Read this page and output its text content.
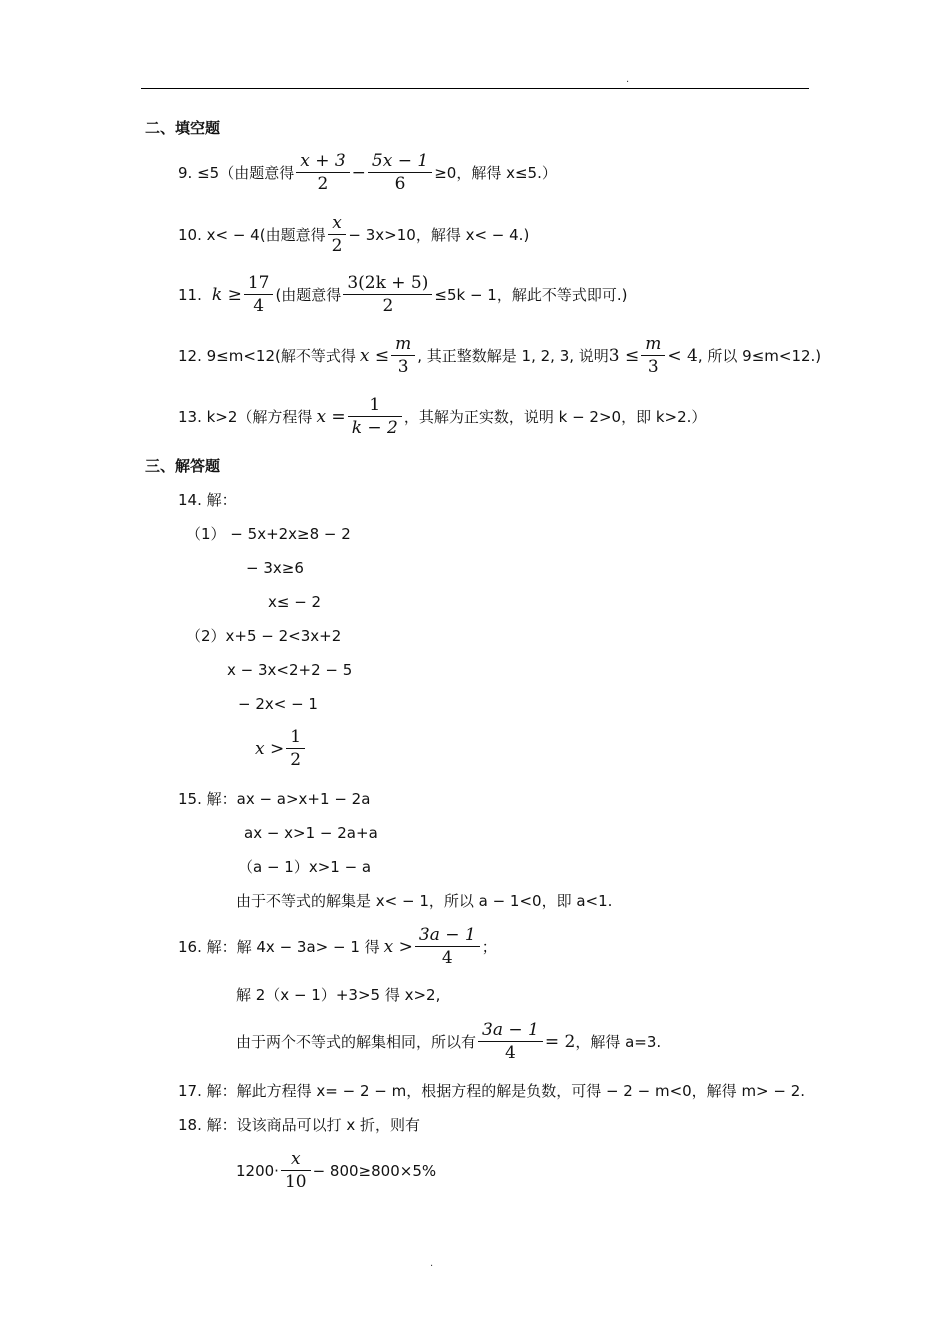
.
二、填空题
9. ≤5（由题意得 $\frac{x + 3}{2} - \frac{5x - 1}{6} \ge 0$，解得 x≤5.）
10. x< − 4(由题意得 $\frac{x}{2} - 3x>10$，解得 x< − 4.)
11. $k \ge \frac{17}{4}$ (由题意得 $\frac{3(2k + 5)}{2} \le 5k - 1$，解此不等式即可.)
12. 9≤m<12(解不等式得 $x \le \frac{m}{3}$ , 其正整数解是 1, 2, 3, 说明 $3 \le \frac{m}{3} < 4$ , 所以 9≤m<12.)
13. k>2（解方程得 $x = \frac{1}{k - 2}$ ，其解为正实数，说明 k − 2>0，即 k>2.）
三、解答题
14. 解：
（1） − 5x+2x≥8 − 2
− 3x≥6
x≤ − 2
（2）x+5 − 2<3x+2
x − 3x<2+2 − 5
− 2x< − 1
$x > \frac{1}{2}$
15. 解：ax − a>x+1 − 2a
ax − x>1 − 2a+a
（a − 1）x>1 − a
由于不等式的解集是 x< − 1，所以 a − 1<0，即 a<1.
16. 解：解 4x − 3a> − 1 得 $x > \frac{3a - 1}{4}$ ；
解 2（x − 1）+3>5 得 x>2,
由于两个不等式的解集相同，所以有 $\frac{3a - 1}{4} = 2$ ，解得 a=3.
17. 解：解此方程得 x= − 2 − m，根据方程的解是负数，可得 − 2 − m<0，解得 m> − 2.
18. 解：设该商品可以打 x 折，则有
$1200\cdot \frac{x}{10} - 800\ge 800\times 5\%$
.
